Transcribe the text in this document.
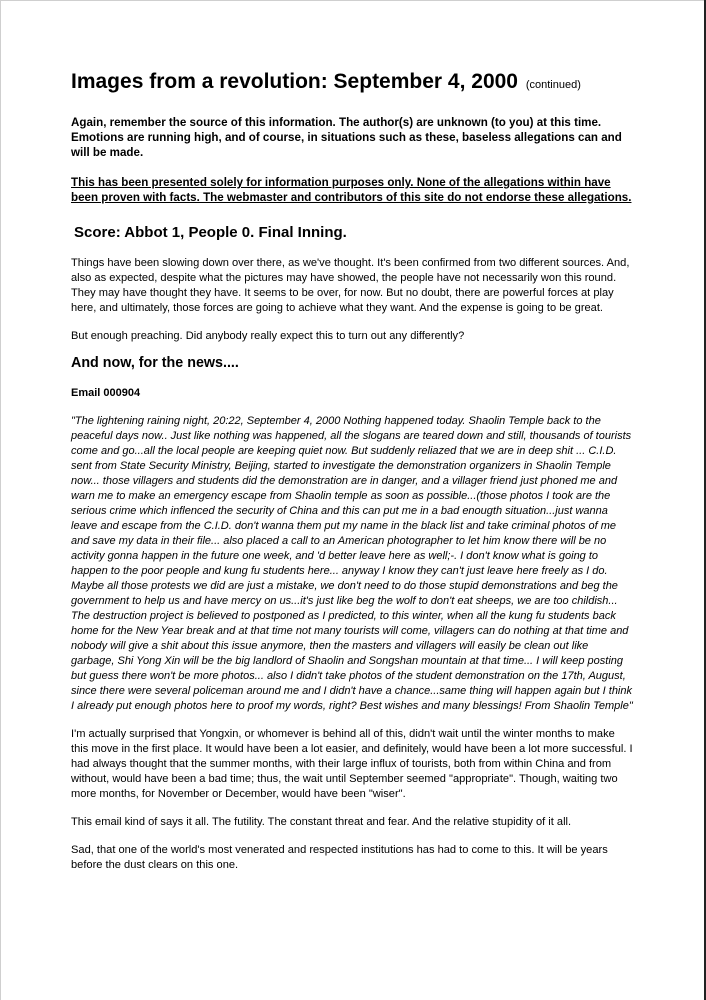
Images from a revolution: September 4, 2000 (continued)

Again, remember the source of this information. The author(s) are unknown (to you) at this time. Emotions are running high, and of course, in situations such as these, baseless allegations can and will be made.

This has been presented solely for information purposes only. None of the allegations within have been proven with facts. The webmaster and contributors of this site do not endorse these allegations.

Score: Abbot 1, People 0. Final Inning.

Things have been slowing down over there, as we've thought. It's been confirmed from two different sources. And, also as expected, despite what the pictures may have showed, the people have not necessarily won this round. They may have thought they have. It seems to be over, for now. But no doubt, there are powerful forces at play here, and ultimately, those forces are going to achieve what they want. And the expense is going to be great.

But enough preaching. Did anybody really expect this to turn out any differently?

And now, for the news....
Email 000904

"The lightening raining night, 20:22, September 4, 2000 Nothing happened today. Shaolin Temple back to the peaceful days now.. Just like nothing was happened, all the slogans are teared down and still, thousands of tourists come and go...all the local people are keeping quiet now. But suddenly reliazed that we are in deep shit ... C.I.D. sent from State Security Ministry, Beijing, started to investigate the demonstration organizers in Shaolin Temple now... those villagers and students did the demonstration are in danger, and a villager friend just phoned me and warn me to make an emergency escape from Shaolin temple as soon as possible...(those photos I took are the serious crime which inflenced the security of China and this can put me in a bad enougth situation...just wanna leave and escape from the C.I.D. don't wanna them put my name in the black list and take criminal photos of me and save my data in their file... also placed a call to an American photographer to let him know there will be no activity gonna happen in the future one week, and 'd better leave here as well;-. I don't know what is going to happen to the poor people and kung fu students here... anyway I know they can't just leave here freely as I do. Maybe all those protests we did are just a mistake, we don't need to do those stupid demonstrations and beg the government to help us and have mercy on us...it's just like beg the wolf to don't eat sheeps, we are too childish... The destruction project is believed to postponed as I predicted, to this winter, when all the kung fu students back home for the New Year break and at that time not many tourists will come, villagers can do nothing at that time and nobody will give a shit about this issue anymore, then the masters and villagers will easily be clean out like garbage, Shi Yong Xin will be the big landlord of Shaolin and Songshan mountain at that time... I will keep posting but guess there won't be more photos... also I didn't take photos of the student demonstration on the 17th, August, since there were several policeman around me and I didn't have a chance...same thing will happen again but I think I already put enough photos here to proof my words, right? Best wishes and many blessings! From Shaolin Temple"

I'm actually surprised that Yongxin, or whomever is behind all of this, didn't wait until the winter months to make this move in the first place. It would have been a lot easier, and definitely, would have been a lot more successful. I had always thought that the summer months, with their large influx of tourists, both from within China and from without, would have been a bad time; thus, the wait until September seemed "appropriate". Though, waiting two more months, for November or December, would have been "wiser".

This email kind of says it all. The futility. The constant threat and fear. And the relative stupidity of it all.

Sad, that one of the world's most venerated and respected institutions has had to come to this. It will be years before the dust clears on this one.
